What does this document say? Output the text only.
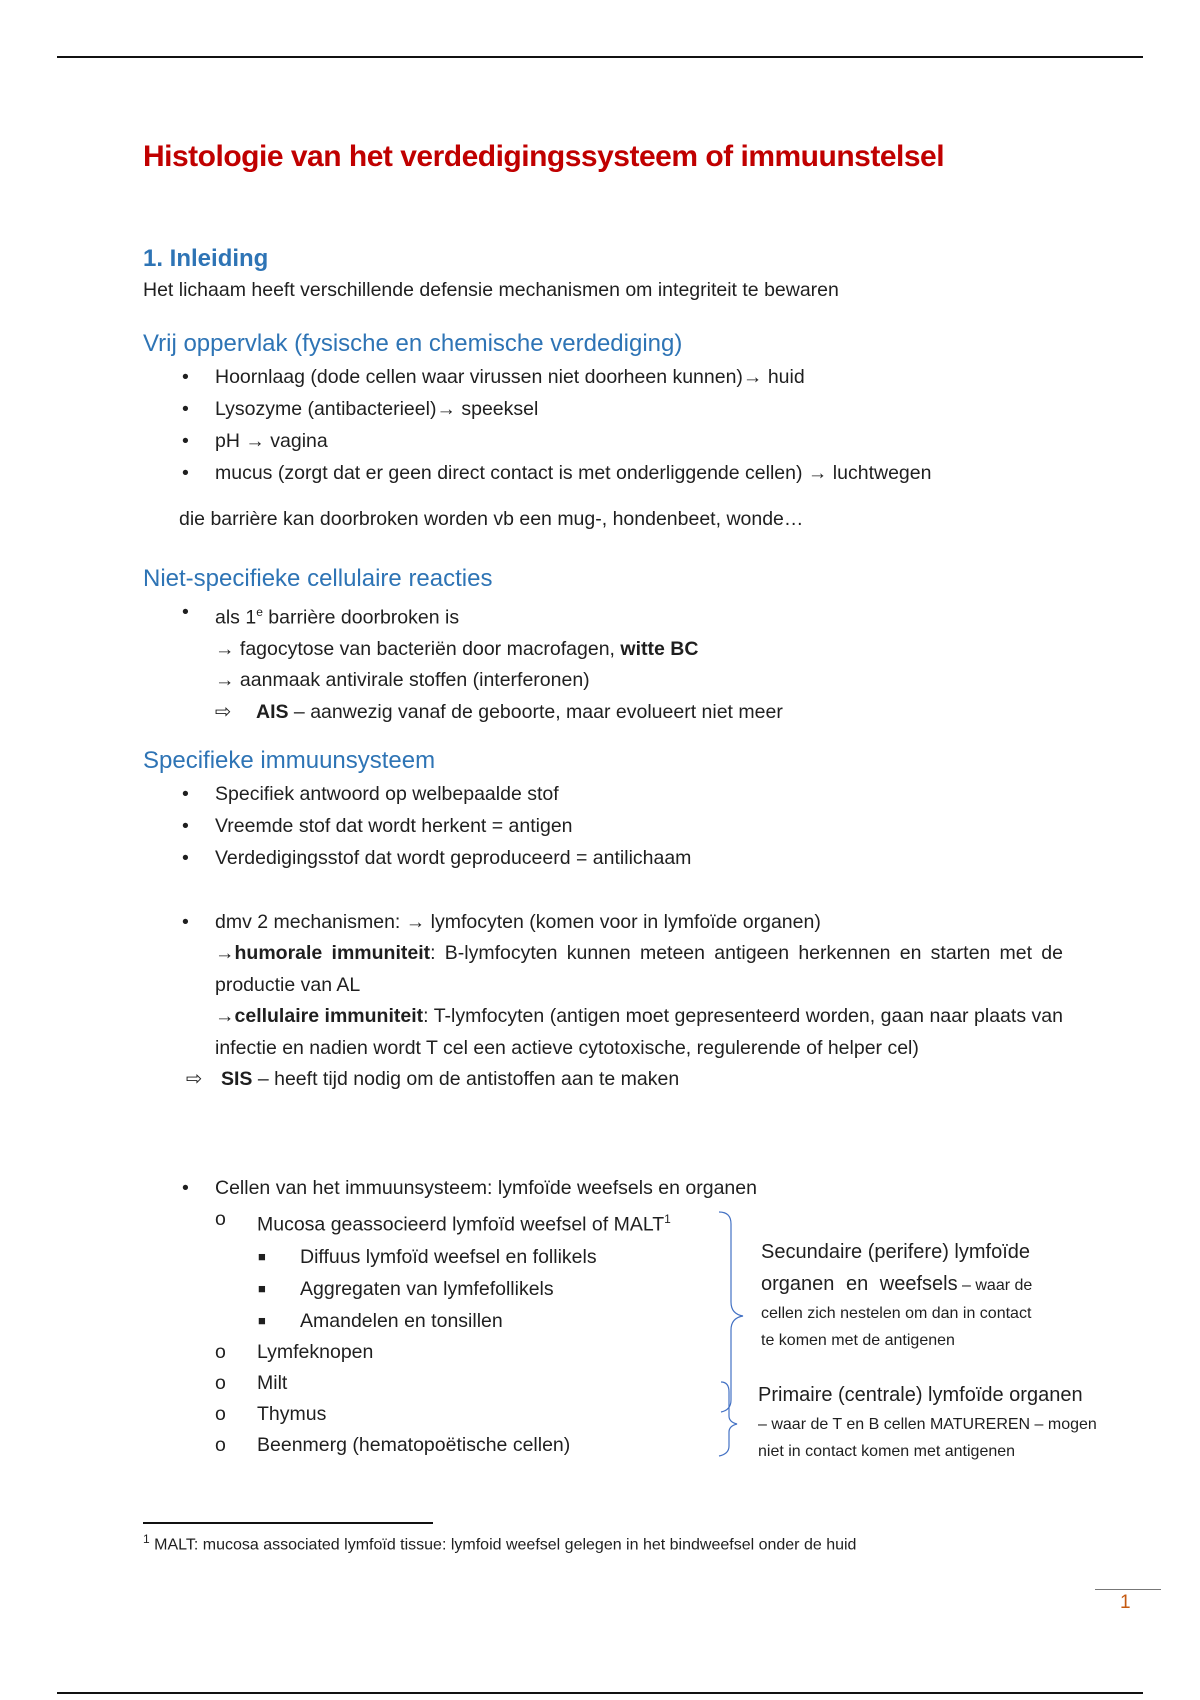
Histologie van het verdedigingssysteem of immuunstelsel
1. Inleiding
Het lichaam heeft verschillende defensie mechanismen om integriteit te bewaren
Vrij oppervlak (fysische en chemische verdediging)
• Hoornlaag (dode cellen waar virussen niet doorheen kunnen)→ huid
• Lysozyme (antibacterieel)→ speeksel
• pH → vagina
• mucus (zorgt dat er geen direct contact is met onderliggende cellen) → luchtwegen
die barrière kan doorbroken worden vb een mug-, hondenbeet, wonde…
Niet-specifieke cellulaire reacties
• als 1e barrière doorbroken is
→ fagocytose van bacteriën door macrofagen, witte BC
→ aanmaak antivirale stoffen (interferonen)
⇨ AIS – aanwezig vanaf de geboorte, maar evolueert niet meer
Specifieke immuunsysteem
• Specifiek antwoord op welbepaalde stof
• Vreemde stof dat wordt herkent = antigen
• Verdedigingsstof dat wordt geproduceerd = antilichaam
• dmv 2 mechanismen: → lymfocyten (komen voor in lymfoïde organen)
→humorale immuniteit: B-lymfocyten kunnen meteen antigeen herkennen en starten met de productie van AL
→cellulaire immuniteit: T-lymfocyten (antigen moet gepresenteerd worden, gaan naar plaats van infectie en nadien wordt T cel een actieve cytotoxische, regulerende of helper cel)
⇨ SIS – heeft tijd nodig om de antistoffen aan te maken
• Cellen van het immuunsysteem: lymfoïde weefsels en organen
o Mucosa geassocieerd lymfoïd weefsel of MALT$^1$
■ Diffuus lymfoïd weefsel en follikels
■ Aggregaten van lymfefollikels
■ Amandelen en tonsillen
o Lymfeknopen
o Milt
o Thymus
o Beenmerg (hematopoëtische cellen)
Secundaire (perifere) lymfoïde
organen en weefsels – waar de
cellen zich nestelen om dan in contact
te komen met de antigenen
Primaire (centrale) lymfoïde organen
– waar de T en B cellen MATUREREN – mogen
niet in contact komen met antigenen
$^1$ MALT: mucosa associated lymfoïd tissue: lymfoid weefsel gelegen in het bindweefsel onder de huid
1
